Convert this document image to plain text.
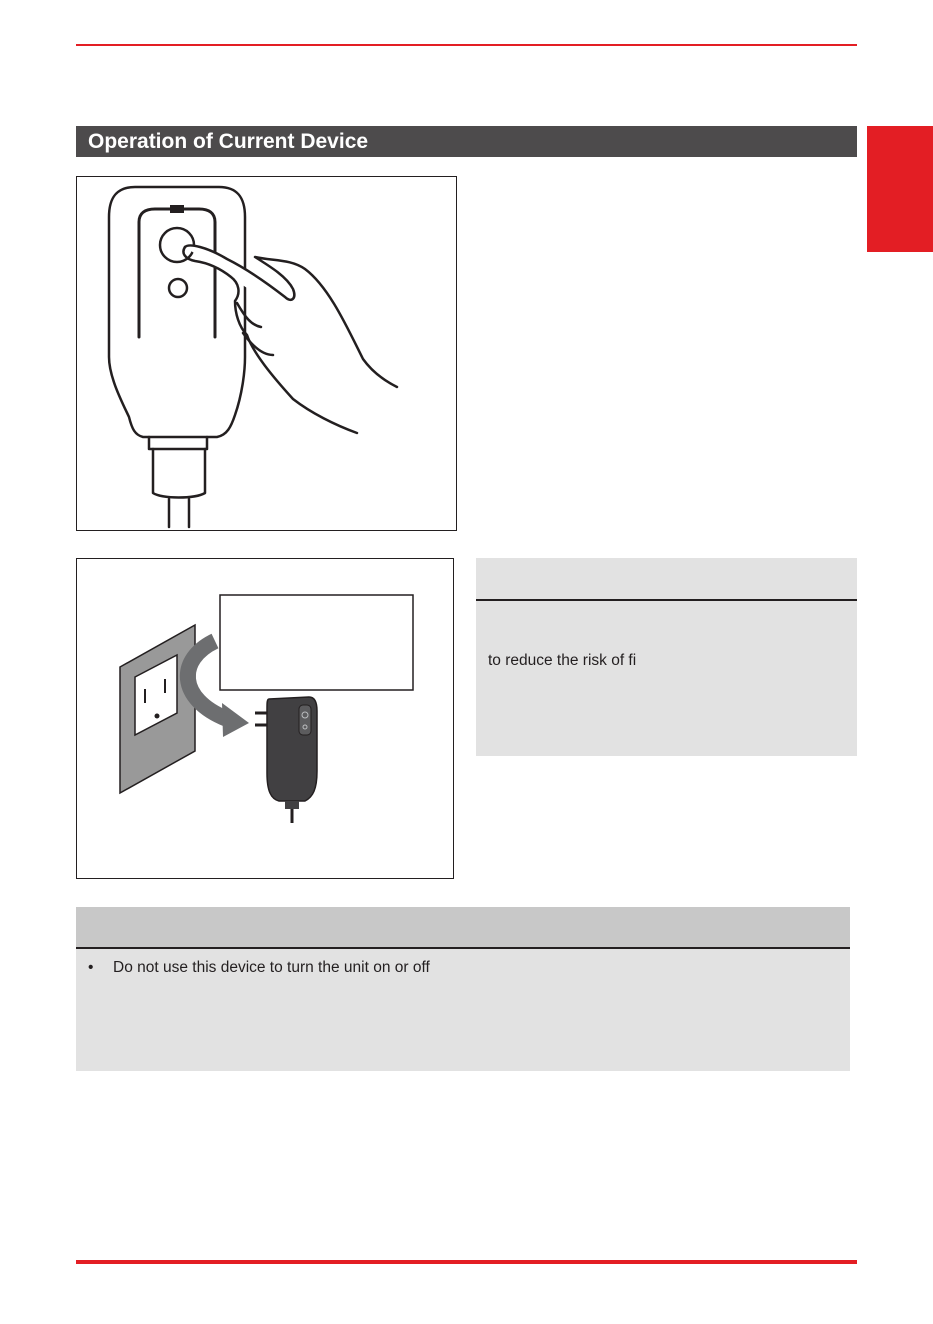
Operation of Current Device
to reduce the risk of fi
• Do not use this device to turn the unit on or off
